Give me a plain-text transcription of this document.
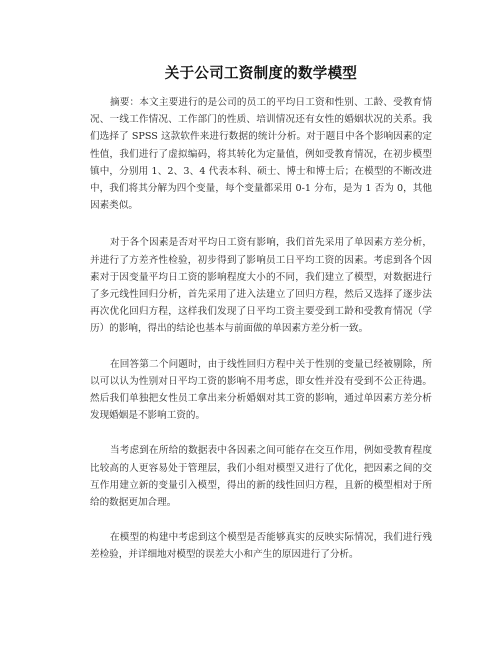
关于公司工资制度的数学模型

摘要：本文主要进行的是公司的员工的平均日工资和性别、工龄、受教育情况、一线工作情况、工作部门的性质、培训情况还有女性的婚姻状况的关系。我们选择了 SPSS 这款软件来进行数据的统计分析。对于题目中各个影响因素的定性值，我们进行了虚拟编码，将其转化为定量值，例如受教育情况，在初步模型镇中，分别用 1、2、3、4 代表本科、硕士、博士和博士后；在模型的不断改进中，我们将其分解为四个变量，每个变量都采用 0-1 分布，是为 1 否为 0，其他因素类似。

对于各个因素是否对平均日工资有影响，我们首先采用了单因素方差分析，并进行了方差齐性检验，初步得到了影响员工日平均工资的因素。考虑到各个因素对于因变量平均日工资的影响程度大小的不同，我们建立了模型，对数据进行了多元线性回归分析，首先采用了进入法建立了回归方程，然后又选择了逐步法再次优化回归方程，这样我们发现了日平均工资主要受到工龄和受教育情况（学历）的影响，得出的结论也基本与前面做的单因素方差分析一致。

在回答第二个问题时，由于线性回归方程中关于性别的变量已经被剔除，所以可以认为性别对日平均工资的影响不用考虑，即女性并没有受到不公正待遇。然后我们单独把女性员工拿出来分析婚姻对其工资的影响，通过单因素方差分析发现婚姻是不影响工资的。

当考虑到在所给的数据表中各因素之间可能存在交互作用，例如受教育程度比较高的人更容易处于管理层，我们小组对模型又进行了优化，把因素之间的交互作用建立新的变量引入模型，得出的新的线性回归方程，且新的模型相对于所给的数据更加合理。

在模型的构建中考虑到这个模型是否能够真实的反映实际情况，我们进行残差检验，并详细地对模型的误差大小和产生的原因进行了分析。
